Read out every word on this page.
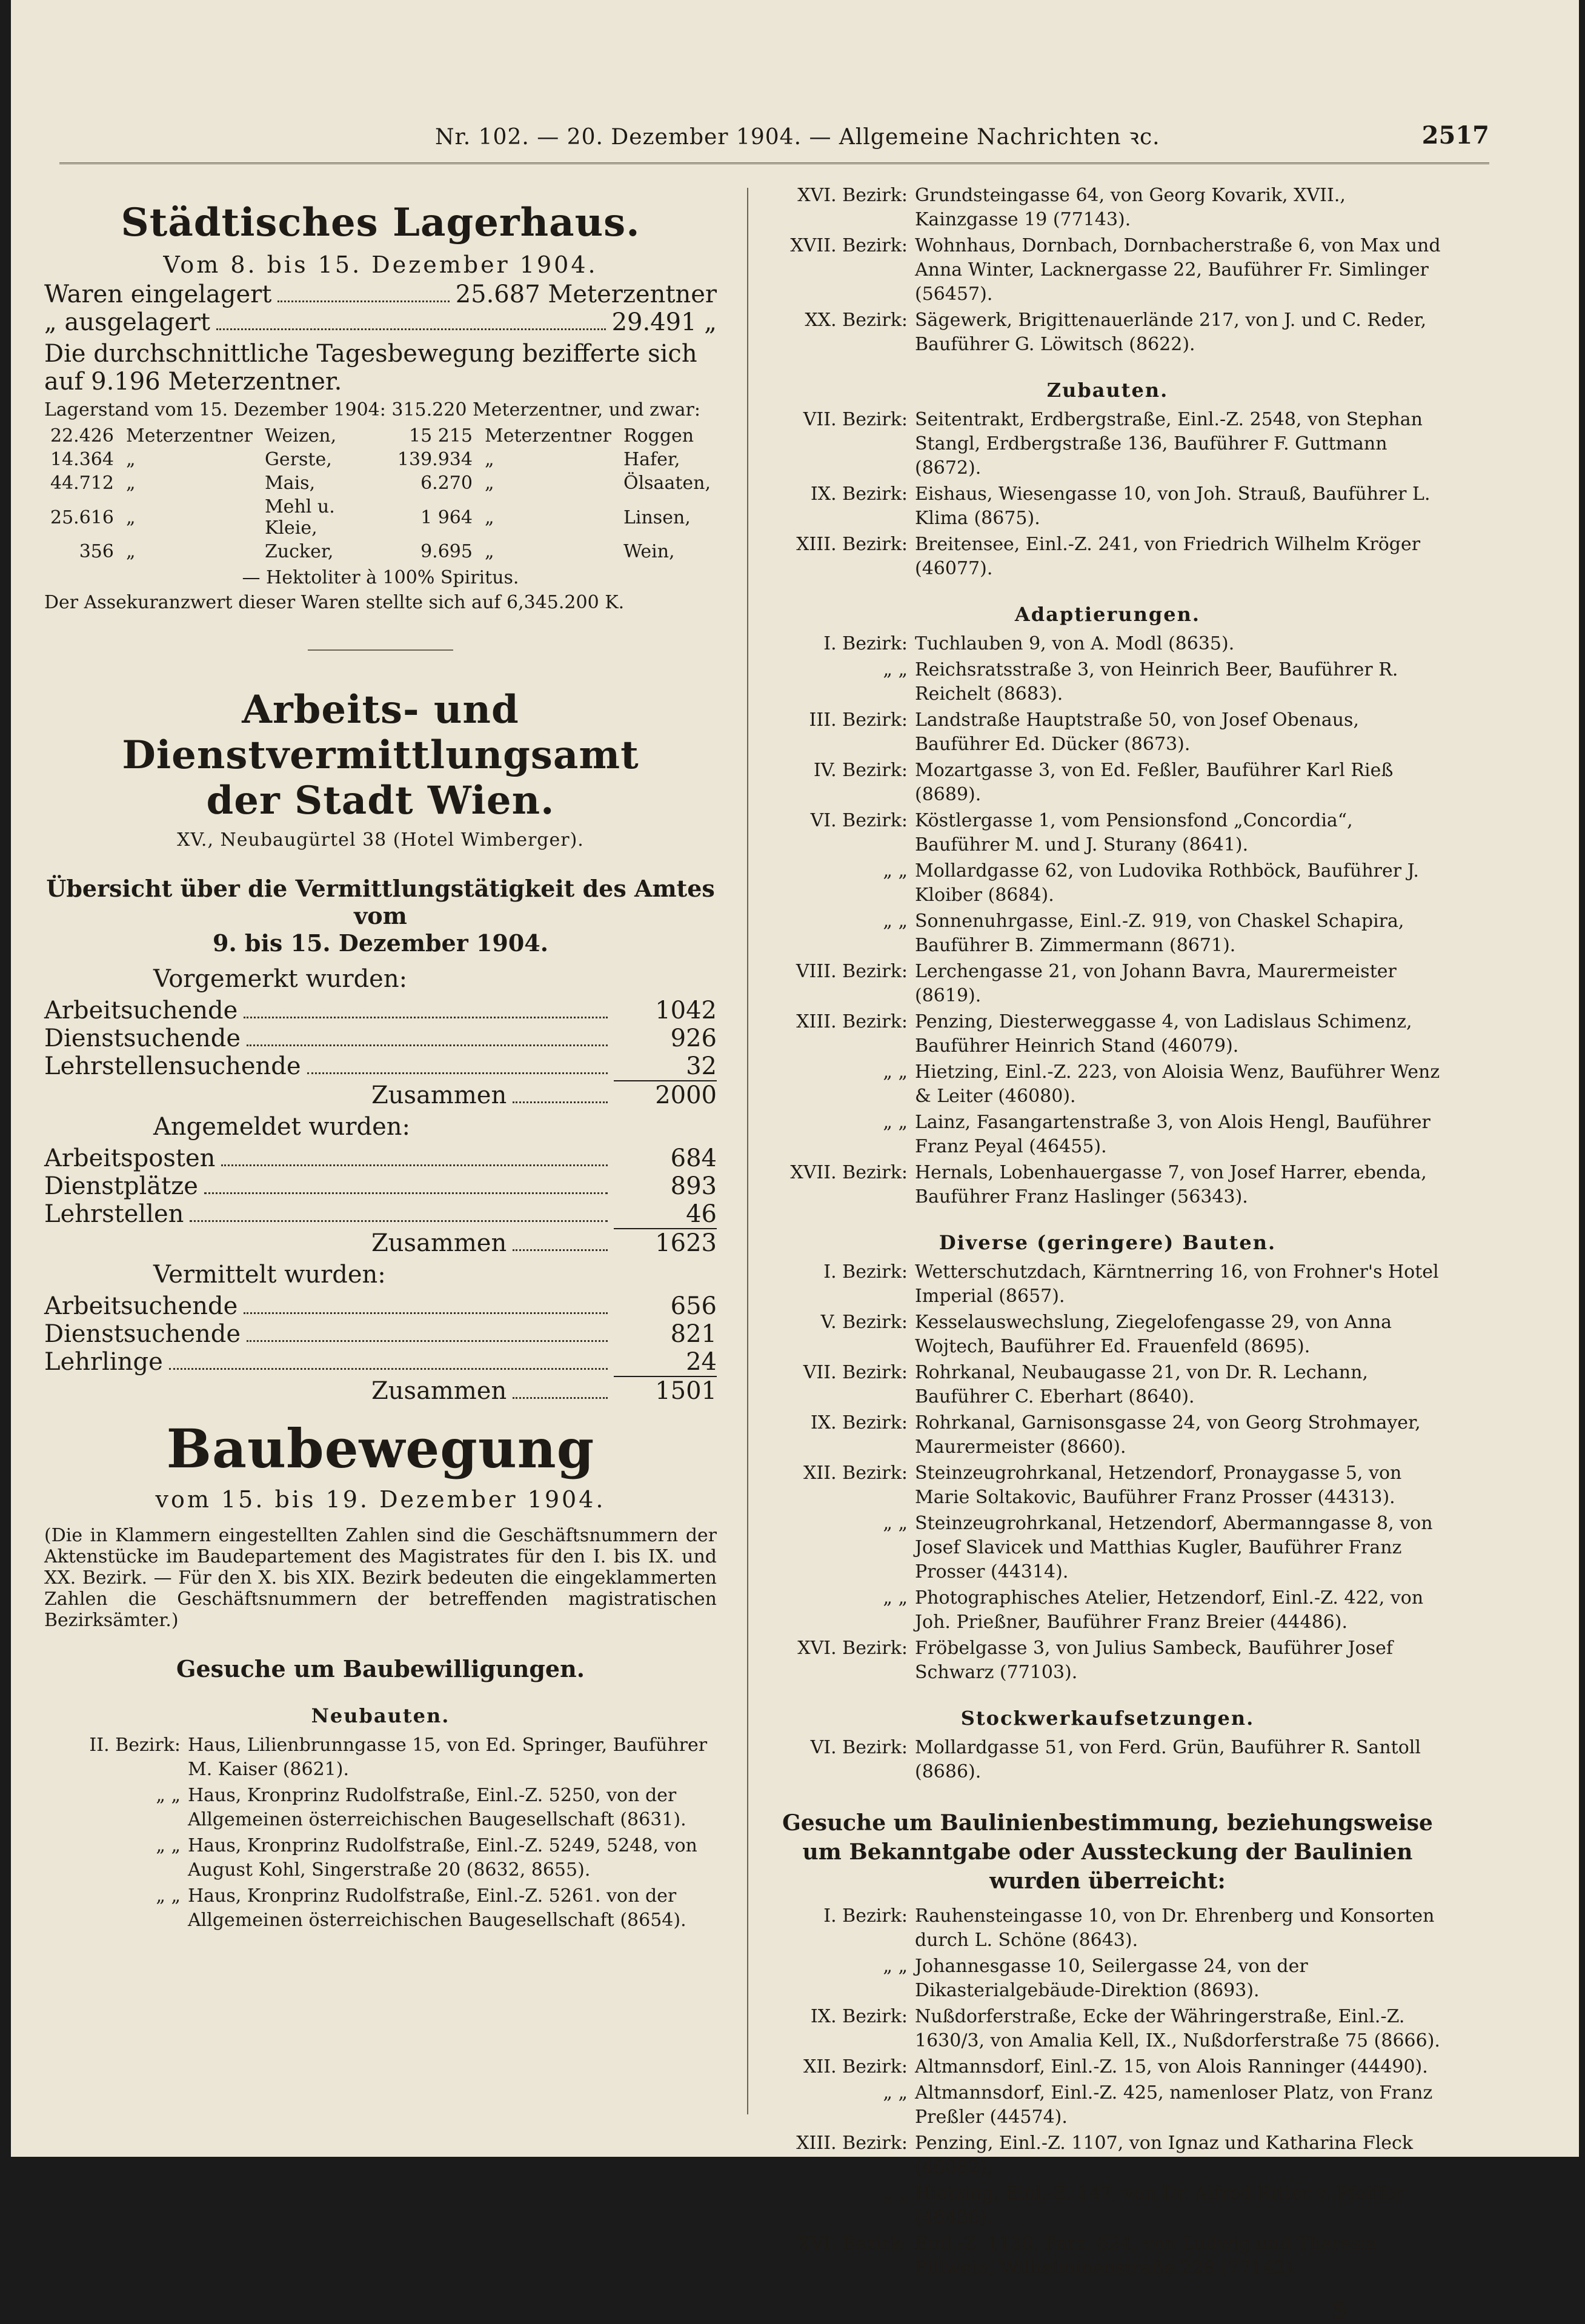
Nr. 102. — 20. Dezember 1904. — Allgemeine Nachrichten ꝛc.	2517
Städtisches Lagerhaus.
Vom 8. bis 15. Dezember 1904.
Waren eingelagert	25.687 Meterzentner
„ ausgelagert	29.491 „
Die durchschnittliche Tagesbewegung bezifferte sich auf 9.196 Meterzentner.
Lagerstand vom 15. Dezember 1904: 315.220 Meterzentner, und zwar:
22.426	Meterzentner	Weizen,	15 215	Meterzentner	Roggen
14.364	„	Gerste,	139.934	„	Hafer,
44.712	„	Mais,	6.270	„	Ölsaaten,
25.616	„	Mehl u. Kleie,	1 964	„	Linsen,
356	„	Zucker,	9.695	„	Wein,
— Hektoliter à 100% Spiritus.
Der Assekuranzwert dieser Waren stellte sich auf 6,345.200 K.
Arbeits- und Dienstvermittlungsamt
der Stadt Wien.
XV., Neubaugürtel 38 (Hotel Wimberger).
Übersicht über die Vermittlungstätigkeit des Amtes vom
9. bis 15. Dezember 1904.
Vorgemerkt wurden:
Arbeitsuchende	1042
Dienstsuchende	926
Lehrstellensuchende	32
Zusammen	2000
Angemeldet wurden:
Arbeitsposten	684
Dienstplätze	893
Lehrstellen	46
Zusammen	1623
Vermittelt wurden:
Arbeitsuchende	656
Dienstsuchende	821
Lehrlinge	24
Zusammen	1501
Baubewegung
vom 15. bis 19. Dezember 1904.
(Die in Klammern eingestellten Zahlen sind die Geschäftsnummern der Aktenstücke im Baudepartement des Magistrates für den I. bis IX. und XX. Bezirk. — Für den X. bis XIX. Bezirk bedeuten die eingeklammerten Zahlen die Geschäftsnummern der betreffenden magistratischen Bezirksämter.)
Gesuche um Baubewilligungen.
Neubauten.
II. Bezirk: Haus, Lilienbrunngasse 15, von Ed. Springer, Bauführer M. Kaiser (8621).
„ „ Haus, Kronprinz Rudolfstraße, Einl.-Z. 5250, von der Allgemeinen österreichischen Baugesellschaft (8631).
„ „ Haus, Kronprinz Rudolfstraße, Einl.-Z. 5249, 5248, von August Kohl, Singerstraße 20 (8632, 8655).
„ „ Haus, Kronprinz Rudolfstraße, Einl.-Z. 5261. von der Allgemeinen österreichischen Baugesellschaft (8654).
XVI. Bezirk: Grundsteingasse 64, von Georg Kovarik, XVII., Kainzgasse 19 (77143).
XVII. Bezirk: Wohnhaus, Dornbach, Dornbacherstraße 6, von Max und Anna Winter, Lacknergasse 22, Bauführer Fr. Simlinger (56457).
XX. Bezirk: Sägewerk, Brigittenauerlände 217, von J. und C. Reder, Bauführer G. Löwitsch (8622).
Zubauten.
VII. Bezirk: Seitentrakt, Erdbergstraße, Einl.-Z. 2548, von Stephan Stangl, Erdbergstraße 136, Bauführer F. Guttmann (8672).
IX. Bezirk: Eishaus, Wiesengasse 10, von Joh. Strauß, Bauführer L. Klima (8675).
XIII. Bezirk: Breitensee, Einl.-Z. 241, von Friedrich Wilhelm Kröger (46077).
Adaptierungen.
I. Bezirk: Tuchlauben 9, von A. Modl (8635).
„ „ Reichsratsstraße 3, von Heinrich Beer, Bauführer R. Reichelt (8683).
III. Bezirk: Landstraße Hauptstraße 50, von Josef Obenaus, Bauführer Ed. Dücker (8673).
IV. Bezirk: Mozartgasse 3, von Ed. Feßler, Bauführer Karl Rieß (8689).
VI. Bezirk: Köstlergasse 1, vom Pensionsfond „Concordia“, Bauführer M. und J. Sturany (8641).
„ „ Mollardgasse 62, von Ludovika Rothböck, Bauführer J. Kloiber (8684).
„ „ Sonnenuhrgasse, Einl.-Z. 919, von Chaskel Schapira, Bauführer B. Zimmermann (8671).
VIII. Bezirk: Lerchengasse 21, von Johann Bavra, Maurermeister (8619).
XIII. Bezirk: Penzing, Diesterweggasse 4, von Ladislaus Schimenz, Bauführer Heinrich Stand (46079).
„ „ Hietzing, Einl.-Z. 223, von Aloisia Wenz, Bauführer Wenz & Leiter (46080).
„ „ Lainz, Fasangartenstraße 3, von Alois Hengl, Bauführer Franz Peyal (46455).
XVII. Bezirk: Hernals, Lobenhauergasse 7, von Josef Harrer, ebenda, Bauführer Franz Haslinger (56343).
Diverse (geringere) Bauten.
I. Bezirk: Wetterschutzdach, Kärntnerring 16, von Frohner's Hotel Imperial (8657).
V. Bezirk: Kesselauswechslung, Ziegelofengasse 29, von Anna Wojtech, Bauführer Ed. Frauenfeld (8695).
VII. Bezirk: Rohrkanal, Neubaugasse 21, von Dr. R. Lechann, Bauführer C. Eberhart (8640).
IX. Bezirk: Rohrkanal, Garnisonsgasse 24, von Georg Strohmayer, Maurermeister (8660).
XII. Bezirk: Steinzeugrohrkanal, Hetzendorf, Pronaygasse 5, von Marie Soltakovic, Bauführer Franz Prosser (44313).
„ „ Steinzeugrohrkanal, Hetzendorf, Abermanngasse 8, von Josef Slavicek und Matthias Kugler, Bauführer Franz Prosser (44314).
„ „ Photographisches Atelier, Hetzendorf, Einl.-Z. 422, von Joh. Prießner, Bauführer Franz Breier (44486).
XVI. Bezirk: Fröbelgasse 3, von Julius Sambeck, Bauführer Josef Schwarz (77103).
Stockwerkaufsetzungen.
VI. Bezirk: Mollardgasse 51, von Ferd. Grün, Bauführer R. Santoll (8686).
Gesuche um Baulinienbestimmung, beziehungsweise um Bekanntgabe oder Aussteckung der Baulinien wurden überreicht:
I. Bezirk: Rauhensteingasse 10, von Dr. Ehrenberg und Konsorten durch L. Schöne (8643).
„ „ Johannesgasse 10, Seilergasse 24, von der Dikasterialgebäude-Direktion (8693).
IX. Bezirk: Nußdorferstraße, Ecke der Währingerstraße, Einl.-Z. 1630/3, von Amalia Kell, IX., Nußdorferstraße 75 (8666).
XII. Bezirk: Altmannsdorf, Einl.-Z. 15, von Alois Ranninger (44490).
„ „ Altmannsdorf, Einl.-Z. 425, namenloser Platz, von Franz Preßler (44574).
XIII. Bezirk: Penzing, Einl.-Z. 1107, von Ignaz und Katharina Fleck (46082).
„ „ Hietzing, Einl.-Z. 147, von Dr. Alfred Ritter v. Pfeiffer (46436).
XVI. Bezirk: Einl.-Z. 1130, Parz. 624, von Ludwig und Theresia Pillwein, Wilhelminenstraße 228 (77142).
5
